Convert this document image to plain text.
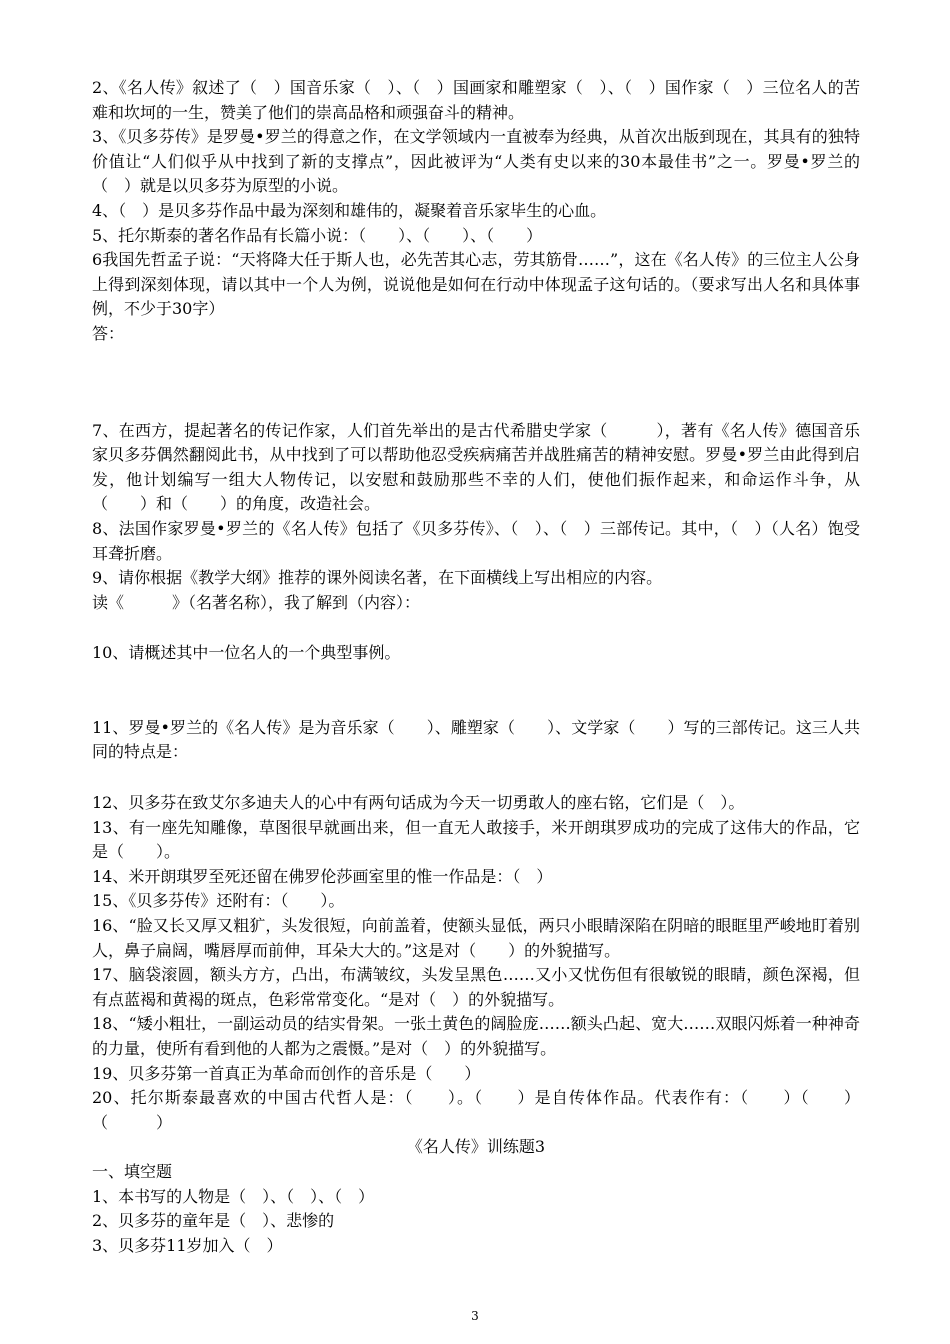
2、《名人传》叙述了（　）国音乐家（　）、（　）国画家和雕塑家（　）、（　）国作家（　）三位名人的苦难和坎坷的一生，赞美了他们的崇高品格和顽强奋斗的精神。

3、《贝多芬传》是罗曼•罗兰的得意之作，在文学领域内一直被奉为经典，从首次出版到现在，其具有的独特价值让“人们似乎从中找到了新的支撑点”，因此被评为“人类有史以来的30本最佳书”之一。罗曼•罗兰的（　）就是以贝多芬为原型的小说。

4、（　）是贝多芬作品中最为深刻和雄伟的，凝聚着音乐家毕生的心血。

5、托尔斯泰的著名作品有长篇小说：（　　）、（　　）、（　　）

6我国先哲孟子说：“天将降大任于斯人也，必先苦其心志，劳其筋骨……”，这在《名人传》的三位主人公身上得到深刻体现，请以其中一个人为例，说说他是如何在行动中体现孟子这句话的。（要求写出人名和具体事例，不少于30字）

答：

7、在西方，提起著名的传记作家，人们首先举出的是古代希腊史学家（　　　），著有《名人传》德国音乐家贝多芬偶然翻阅此书，从中找到了可以帮助他忍受疾病痛苦并战胜痛苦的精神安慰。罗曼•罗兰由此得到启发，他计划编写一组大人物传记，以安慰和鼓励那些不幸的人们，使他们振作起来，和命运作斗争，从（　　）和（　　）的角度，改造社会。

8、法国作家罗曼•罗兰的《名人传》包括了《贝多芬传》、（　）、（　）三部传记。其中，（　）（人名）饱受耳聋折磨。

9、请你根据《教学大纲》推荐的课外阅读名著，在下面横线上写出相应的内容。

读《　　　》（名著名称），我了解到（内容）：

10、请概述其中一位名人的一个典型事例。

11、罗曼•罗兰的《名人传》是为音乐家（　　）、雕塑家（　　）、文学家（　　）写的三部传记。这三人共同的特点是：

12、贝多芬在致艾尔多迪夫人的心中有两句话成为今天一切勇敢人的座右铭，它们是（　）。

13、有一座先知雕像，草图很早就画出来，但一直无人敢接手，米开朗琪罗成功的完成了这伟大的作品，它是（　　）。

14、米开朗琪罗至死还留在佛罗伦莎画室里的惟一作品是：（　）

15、《贝多芬传》还附有：（　　）。

16、“脸又长又厚又粗犷，头发很短，向前盖着，使额头显低，两只小眼睛深陷在阴暗的眼眶里严峻地盯着别人，鼻子扁阔，嘴唇厚而前伸，耳朵大大的。”这是对（　　）的外貌描写。

17、脑袋滚圆，额头方方，凸出，布满皱纹，头发呈黑色……又小又忧伤但有很敏锐的眼睛，颜色深褐，但有点蓝褐和黄褐的斑点，色彩常常变化。“是对（　）的外貌描写。

18、“矮小粗壮，一副运动员的结实骨架。一张土黄色的阔脸庞……额头凸起、宽大……双眼闪烁着一种神奇的力量，使所有看到他的人都为之震慑。”是对（　）的外貌描写。

19、贝多芬第一首真正为革命而创作的音乐是（　　）

20、托尔斯泰最喜欢的中国古代哲人是：（　　）。（　　）是自传体作品。代表作有：（　　）（　　）（　　　）

《名人传》训练题3

一、填空题

1、本书写的人物是（　）、（　）、（　）

2、贝多芬的童年是（　）、悲惨的

3、贝多芬11岁加入（　）

3
